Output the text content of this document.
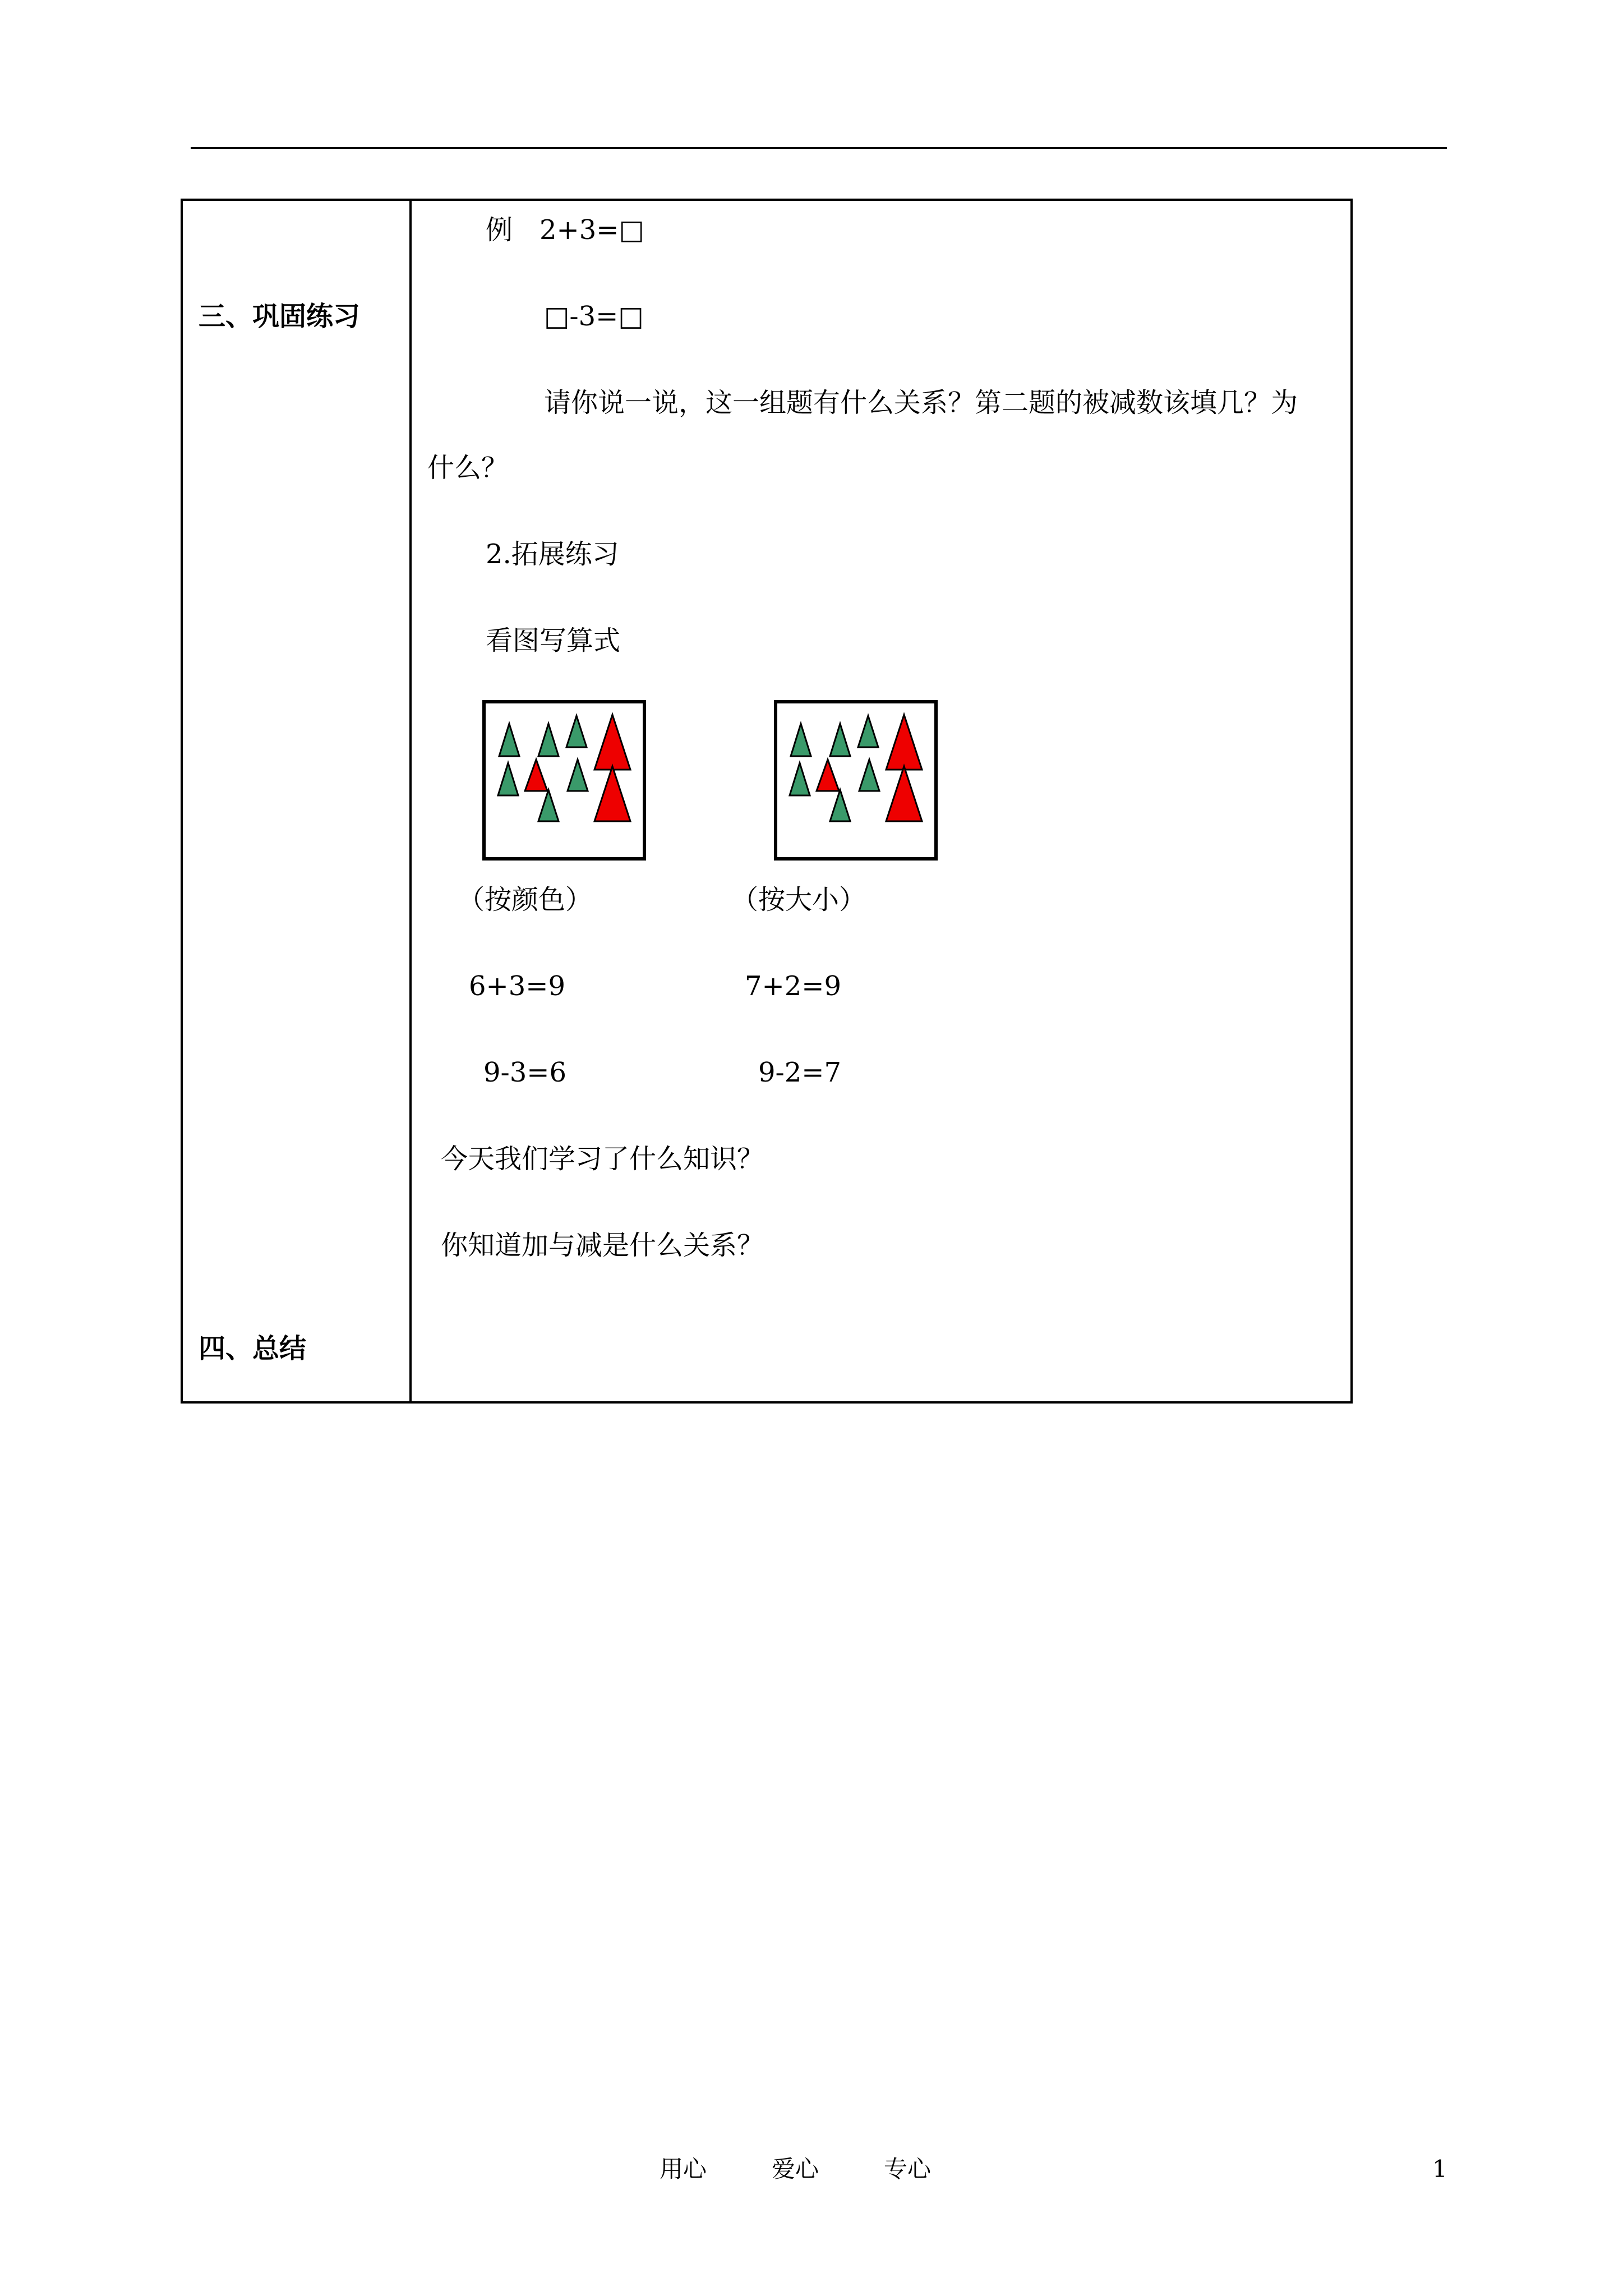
三、巩固练习
四、总结
例　2+3=□
□-3=□
请你说一说，这一组题有什么关系？第二题的被减数该填几？为
什么？
2.拓展练习
看图写算式
（按颜色）	（按大小）
6+3=9	7+2=9
9-3=6	9-2=7
今天我们学习了什么知识？
你知道加与减是什么关系？
用心	爱心	专心	1
